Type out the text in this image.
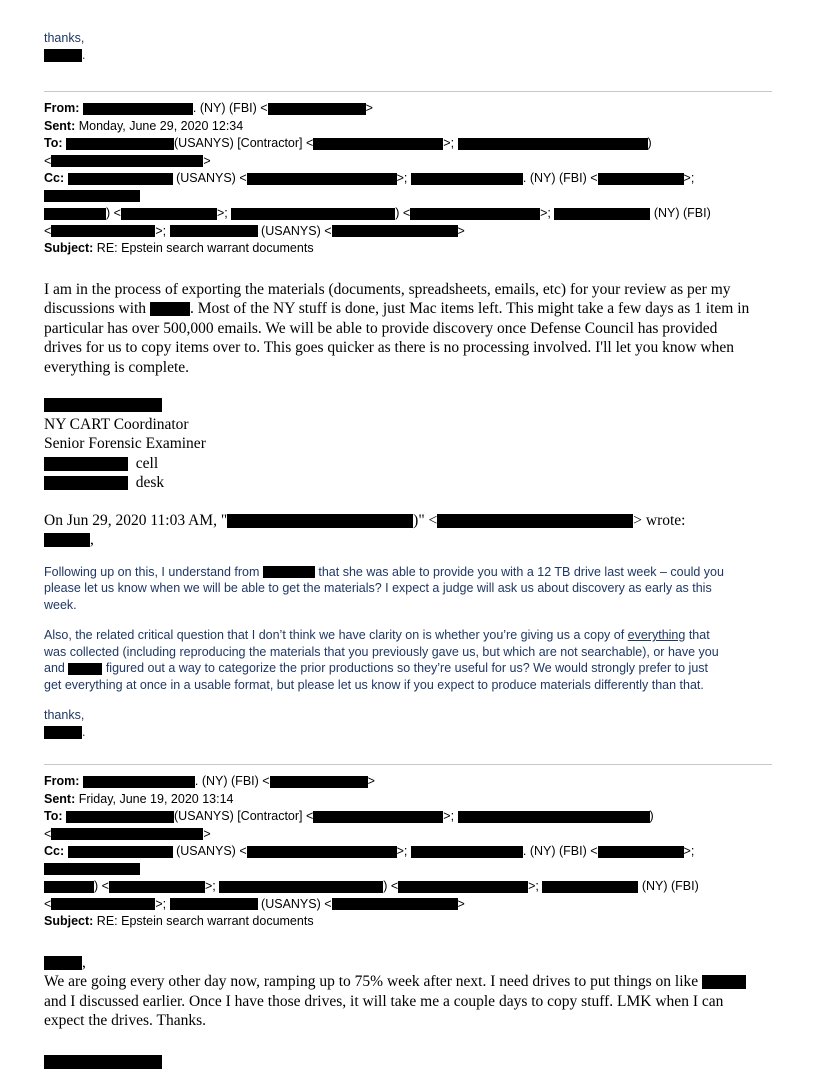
thanks,
.
From:	. (NY) (FBI) <	>
Sent: Monday, June 29, 2020 12:34
To:	(USANYS) [Contractor] <	>;	)
<	>
Cc:	(USANYS) <	>;	. (NY) (FBI) <	>;
) <	>;	) <	>;	(NY) (FBI)
<	>;	(USANYS) <	>
Subject: RE: Epstein search warrant documents
I am in the process of exporting the materials (documents, spreadsheets, emails, etc) for your review as per my
discussions with	. Most of the NY stuff is done, just Mac items left. This might take a few days as 1 item in
particular has over 500,000 emails. We will be able to provide discovery once Defense Council has provided
drives for us to copy items over to. This goes quicker as there is no processing involved. I'll let you know when
everything is complete.
NY CART Coordinator
Senior Forensic Examiner
cell
desk
On Jun 29, 2020 11:03 AM, "	)" <	> wrote:
,
Following up on this, I understand from	that she was able to provide you with a 12 TB drive last week – could you
please let us know when we will be able to get the materials? I expect a judge will ask us about discovery as early as this
week.
Also, the related critical question that I don’t think we have clarity on is whether you’re giving us a copy of everything that
was collected (including reproducing the materials that you previously gave us, but which are not searchable), or have you
and	figured out a way to categorize the prior productions so they’re useful for us? We would strongly prefer to just
get everything at once in a usable format, but please let us know if you expect to produce materials differently than that.
thanks,
.
From:	. (NY) (FBI) <	>
Sent: Friday, June 19, 2020 13:14
To:	(USANYS) [Contractor] <	>;	)
<	>
Cc:	(USANYS) <	>;	. (NY) (FBI) <	>;
) <	>;	) <	>;	(NY) (FBI)
<	>;	(USANYS) <	>
Subject: RE: Epstein search warrant documents
,
We are going every other day now, ramping up to 75% week after next. I need drives to put things on like
and I discussed earlier. Once I have those drives, it will take me a couple days to copy stuff. LMK when I can
expect the drives. Thanks.
